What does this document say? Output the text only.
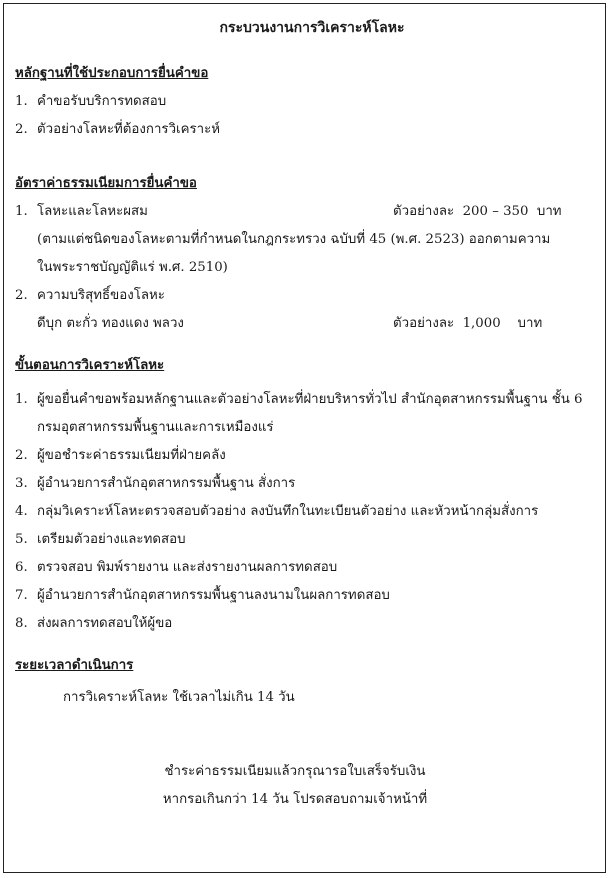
กระบวนงานการวิเคราะห์โลหะ
หลักฐานที่ใช้ประกอบการยื่นคำขอ
1. คำขอรับบริการทดสอบ
2. ตัวอย่างโลหะที่ต้องการวิเคราะห์
อัตราค่าธรรมเนียมการยื่นคำขอ
1. โลหะและโลหะผสม	ตัวอย่างละ  200 – 350  บาท
(ตามแต่ชนิดของโลหะตามที่กำหนดในกฎกระทรวง ฉบับที่ 45 (พ.ศ. 2523) ออกตามความ
ในพระราชบัญญัติแร่ พ.ศ. 2510)
2. ความบริสุทธิ์ของโลหะ
ดีบุก ตะกั่ว ทองแดง พลวง	ตัวอย่างละ  1,000    บาท
ขั้นตอนการวิเคราะห์โลหะ
1. ผู้ขอยื่นคำขอพร้อมหลักฐานและตัวอย่างโลหะที่ฝ่ายบริหารทั่วไป สำนักอุตสาหกรรมพื้นฐาน ชั้น 6 กรมอุตสาหกรรมพื้นฐานและการเหมืองแร่
2. ผู้ขอชำระค่าธรรมเนียมที่ฝ่ายคลัง
3. ผู้อำนวยการสำนักอุตสาหกรรมพื้นฐาน สั่งการ
4. กลุ่มวิเคราะห์โลหะตรวจสอบตัวอย่าง ลงบันทึกในทะเบียนตัวอย่าง และหัวหน้ากลุ่มสั่งการ
5. เตรียมตัวอย่างและทดสอบ
6. ตรวจสอบ พิมพ์รายงาน และส่งรายงานผลการทดสอบ
7. ผู้อำนวยการสำนักอุตสาหกรรมพื้นฐานลงนามในผลการทดสอบ
8. ส่งผลการทดสอบให้ผู้ขอ
ระยะเวลาดำเนินการ
การวิเคราะห์โลหะ ใช้เวลาไม่เกิน 14 วัน
ชำระค่าธรรมเนียมแล้วกรุณารอใบเสร็จรับเงิน
หากรอเกินกว่า 14 วัน โปรดสอบถามเจ้าหน้าที่
